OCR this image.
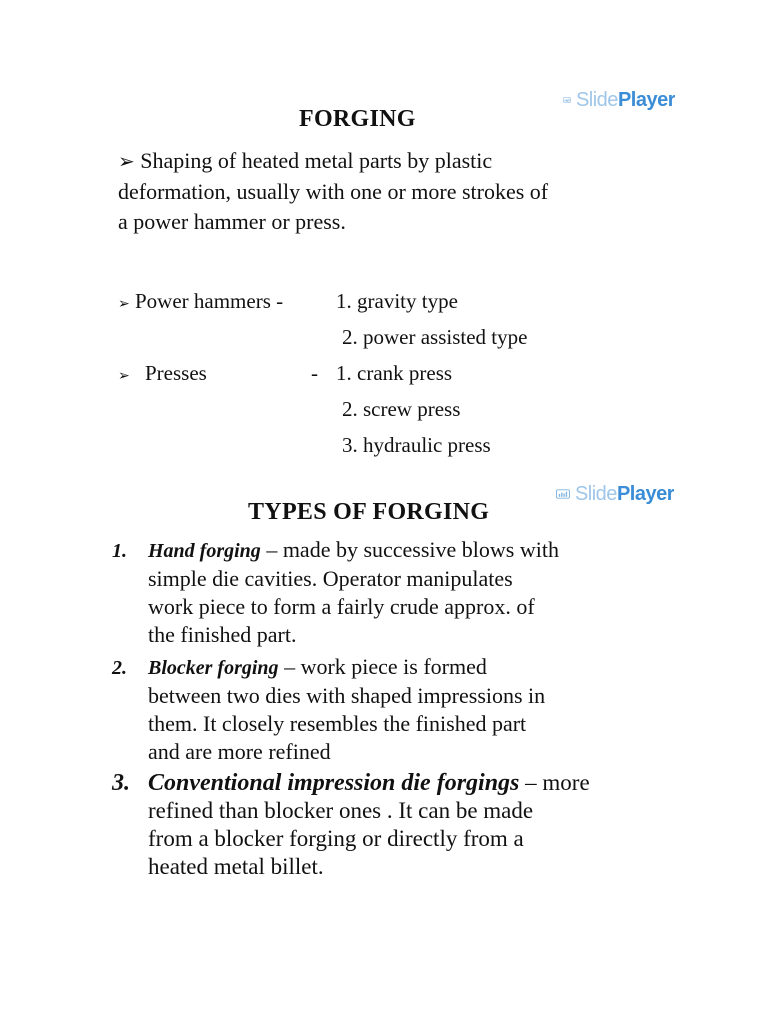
SlidePlayer
FORGING
➢ Shaping of heated metal parts by plastic
deformation, usually with one or more strokes of
a power hammer or press.
➢ Power hammers -	1. gravity type
2. power assisted type
➢ Presses	- 1. crank press
2. screw press
3. hydraulic press
SlidePlayer
TYPES OF FORGING
1. Hand forging – made by successive blows with
simple die cavities. Operator manipulates
work piece to form a fairly crude approx. of
the finished part.
2. Blocker forging – work piece is formed
between two dies with shaped impressions in
them. It closely resembles the finished part
and are more refined
3. Conventional impression die forgings – more
refined than blocker ones . It can be made
from a blocker forging or directly from a
heated metal billet.
